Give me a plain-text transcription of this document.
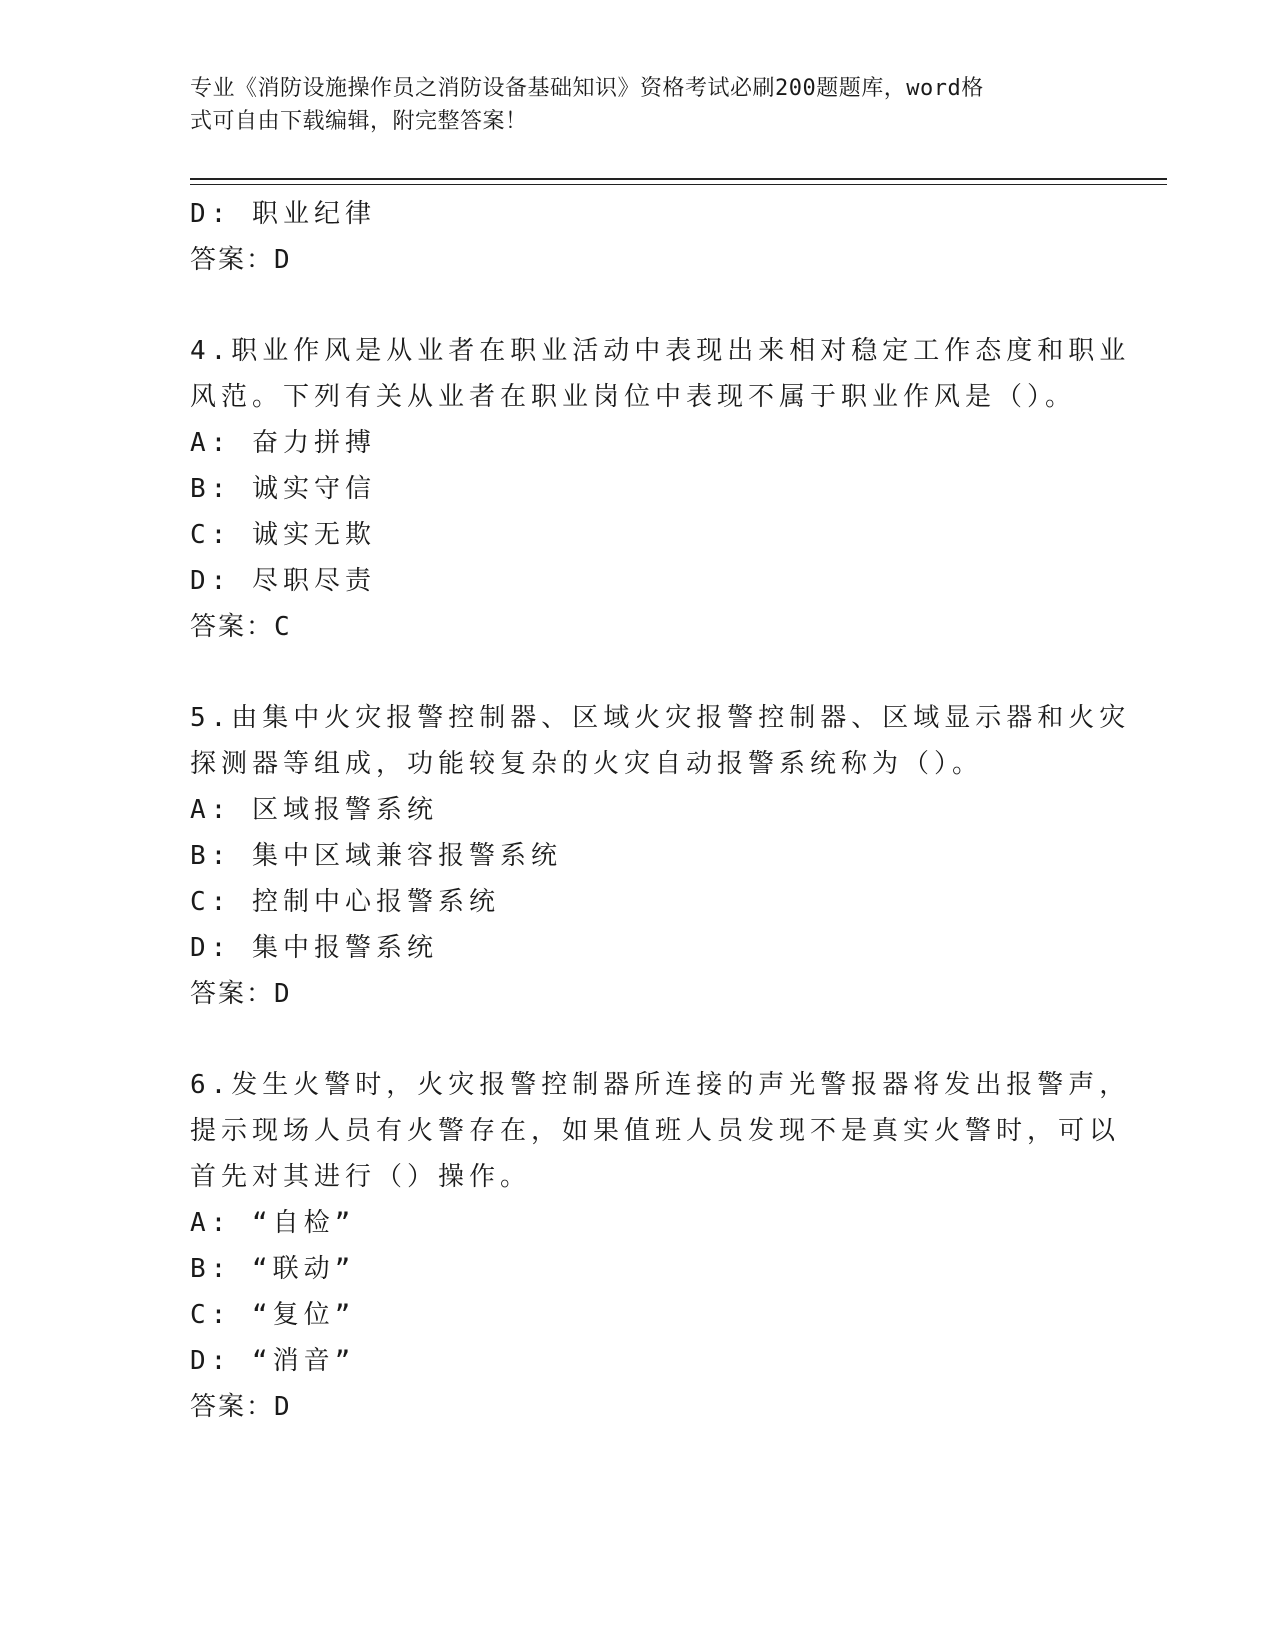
专业《消防设施操作员之消防设备基础知识》资格考试必刷200题题库，word格
式可自由下载编辑，附完整答案！
D: 职业纪律
答案：D
4.职业作风是从业者在职业活动中表现出来相对稳定工作态度和职业
风范。下列有关从业者在职业岗位中表现不属于职业作风是（）。
A: 奋力拼搏
B: 诚实守信
C: 诚实无欺
D: 尽职尽责
答案：C
5.由集中火灾报警控制器、区域火灾报警控制器、区域显示器和火灾
探测器等组成，功能较复杂的火灾自动报警系统称为（）。
A: 区域报警系统
B: 集中区域兼容报警系统
C: 控制中心报警系统
D: 集中报警系统
答案：D
6.发生火警时，火灾报警控制器所连接的声光警报器将发出报警声，
提示现场人员有火警存在，如果值班人员发现不是真实火警时，可以
首先对其进行（）操作。
A: “自检”
B: “联动”
C: “复位”
D: “消音”
答案：D
